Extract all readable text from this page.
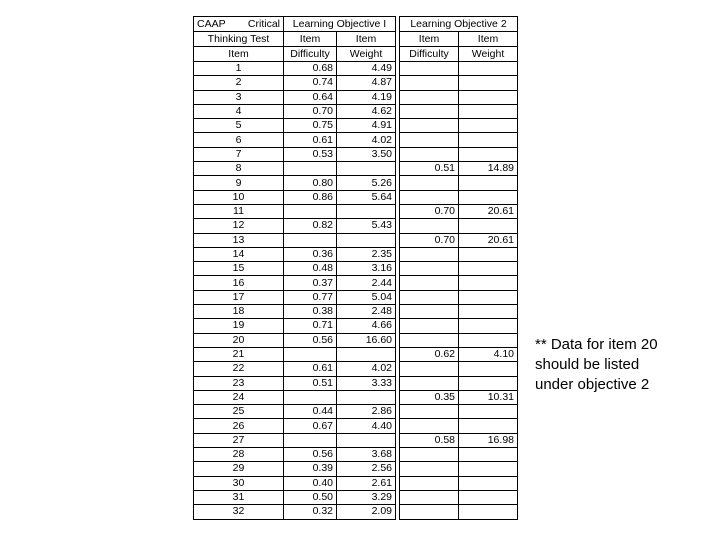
CAAP Critical	Learning Objective I			Learning Objective 2	
Thinking Test	Item	Item		Item	Item
Item	Difficulty	Weight		Difficulty	Weight
1	0.68	4.49			
2	0.74	4.87			
3	0.64	4.19			
4	0.70	4.62			
5	0.75	4.91			
6	0.61	4.02			
7	0.53	3.50			
8				0.51	14.89
9	0.80	5.26			
10	0.86	5.64			
11				0.70	20.61
12	0.82	5.43			
13				0.70	20.61
14	0.36	2.35			
15	0.48	3.16			
16	0.37	2.44			
17	0.77	5.04			
18	0.38	2.48			
19	0.71	4.66			
20	0.56	16.60			
21				0.62	4.10
22	0.61	4.02			
23	0.51	3.33			
24				0.35	10.31
25	0.44	2.86			
26	0.67	4.40			
27				0.58	16.98
28	0.56	3.68			
29	0.39	2.56			
30	0.40	2.61			
31	0.50	3.29			
32	0.32	2.09			
** Data for item 20
should be listed
under objective 2
